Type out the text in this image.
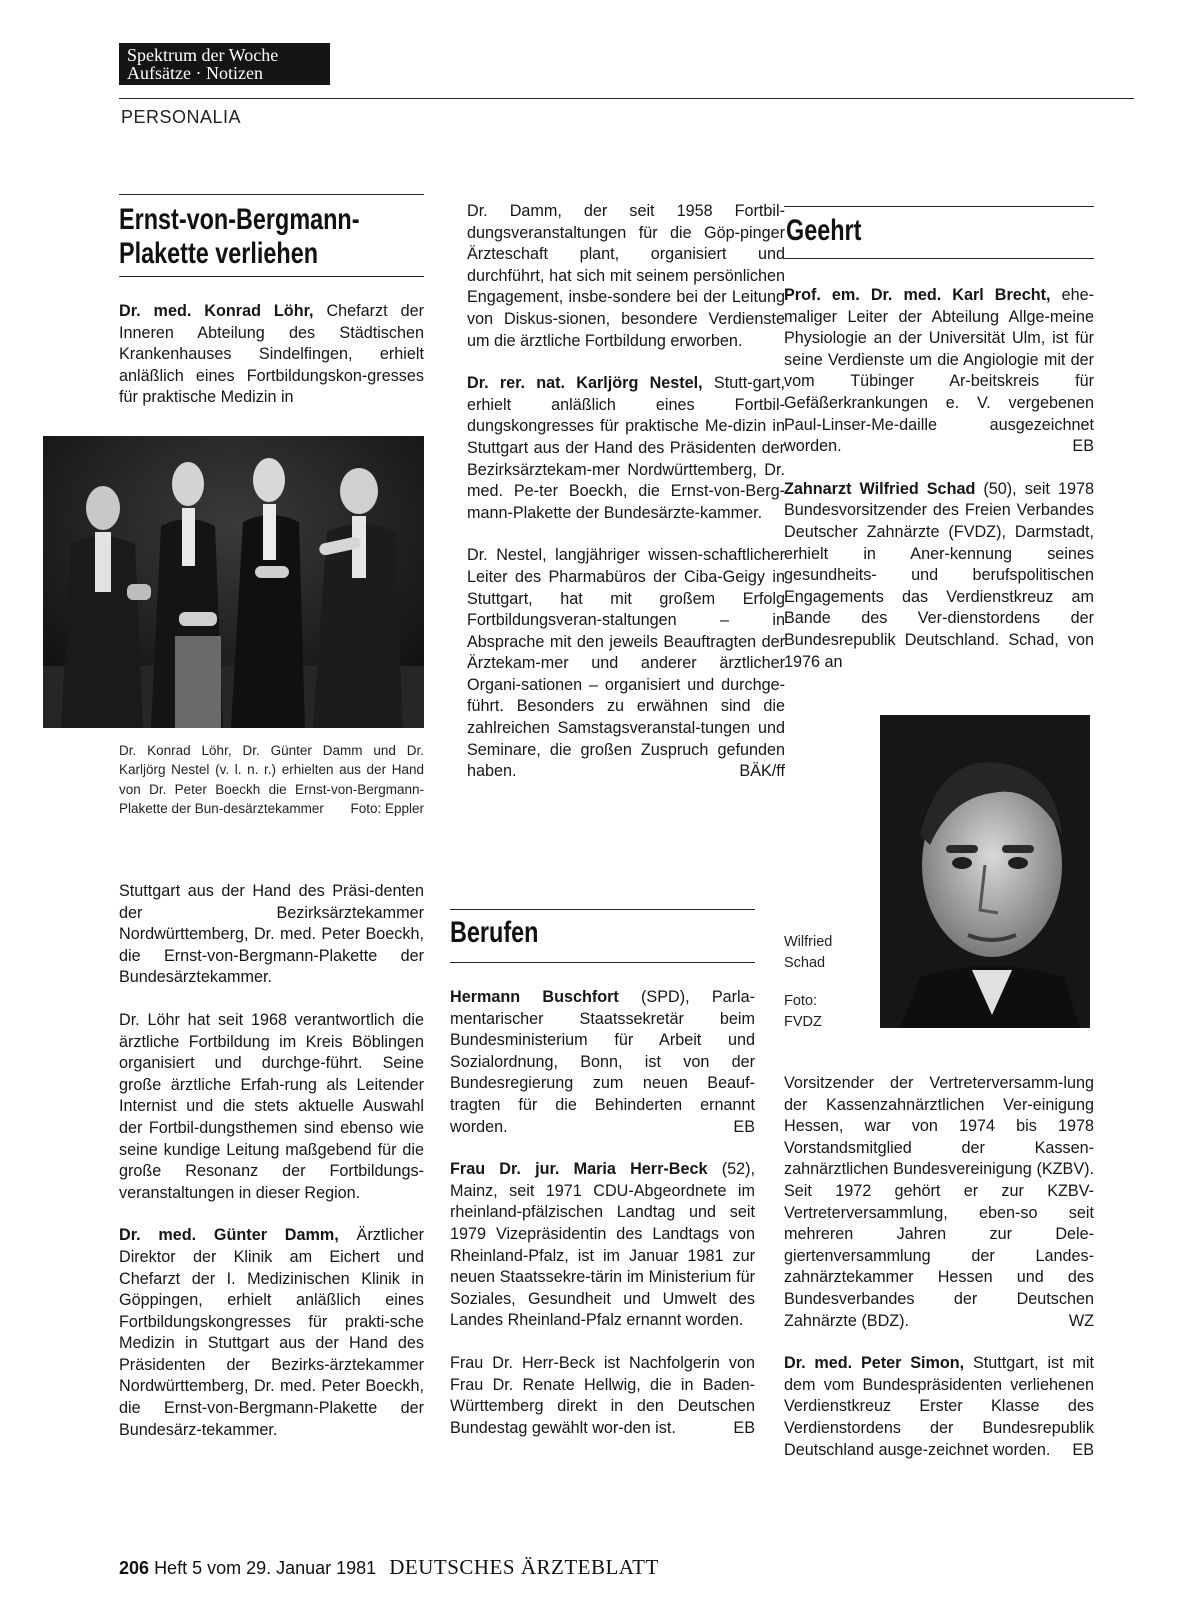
Spektrum der Woche
Aufsätze · Notizen
PERSONALIA
Ernst-von-Bergmann-
Plakette verliehen

Dr. med. Konrad Löhr, Chefarzt der Inneren Abteilung des Städtischen Krankenhauses Sindelfingen, erhielt anläßlich eines Fortbildungskon-gresses für praktische Medizin in

Dr. Konrad Löhr, Dr. Günter Damm und Dr. Karljörg Nestel (v. l. n. r.) erhielten aus der Hand von Dr. Peter Boeckh die Ernst-von-Bergmann-Plakette der Bun-desärztekammer Foto: Eppler

Stuttgart aus der Hand des Präsi-denten der Bezirksärztekammer Nordwürttemberg, Dr. med. Peter Boeckh, die Ernst-von-Bergmann-Plakette der Bundesärztekammer.

Dr. Löhr hat seit 1968 verantwortlich die ärztliche Fortbildung im Kreis Böblingen organisiert und durchge-führt. Seine große ärztliche Erfah-rung als Leitender Internist und die stets aktuelle Auswahl der Fortbil-dungsthemen sind ebenso wie seine kundige Leitung maßgebend für die große Resonanz der Fortbildungs-veranstaltungen in dieser Region.

Dr. med. Günter Damm, Ärztlicher Direktor der Klinik am Eichert und Chefarzt der I. Medizinischen Klinik in Göppingen, erhielt anläßlich eines Fortbildungskongresses für prakti-sche Medizin in Stuttgart aus der Hand des Präsidenten der Bezirks-ärztekammer Nordwürttemberg, Dr. med. Peter Boeckh, die Ernst-von-Bergmann-Plakette der Bundesärz-tekammer.

Dr. Damm, der seit 1958 Fortbil-dungsveranstaltungen für die Göp-pinger Ärzteschaft plant, organisiert und durchführt, hat sich mit seinem persönlichen Engagement, insbe-sondere bei der Leitung von Diskus-sionen, besondere Verdienste um die ärztliche Fortbildung erworben.

Dr. rer. nat. Karljörg Nestel, Stutt-gart, erhielt anläßlich eines Fortbil-dungskongresses für praktische Me-dizin in Stuttgart aus der Hand des Präsidenten der Bezirksärztekam-mer Nordwürttemberg, Dr. med. Pe-ter Boeckh, die Ernst-von-Berg-mann-Plakette der Bundesärzte-kammer.

Dr. Nestel, langjähriger wissen-schaftlicher Leiter des Pharmabüros der Ciba-Geigy in Stuttgart, hat mit großem Erfolg Fortbildungsveran-staltungen – in Absprache mit den jeweils Beauftragten der Ärztekam-mer und anderer ärztlicher Organi-sationen – organisiert und durchge-führt. Besonders zu erwähnen sind die zahlreichen Samstagsveranstal-tungen und Seminare, die großen Zuspruch gefunden haben.	BÄK/ff

Berufen

Hermann Buschfort (SPD), Parla-mentarischer Staatssekretär beim Bundesministerium für Arbeit und Sozialordnung, Bonn, ist von der Bundesregierung zum neuen Beauf-tragten für die Behinderten ernannt worden.	EB

Frau Dr. jur. Maria Herr-Beck (52), Mainz, seit 1971 CDU-Abgeordnete im rheinland-pfälzischen Landtag und seit 1979 Vizepräsidentin des Landtags von Rheinland-Pfalz, ist im Januar 1981 zur neuen Staatssekre-tärin im Ministerium für Soziales, Gesundheit und Umwelt des Landes Rheinland-Pfalz ernannt worden.

Frau Dr. Herr-Beck ist Nachfolgerin von Frau Dr. Renate Hellwig, die in Baden-Württemberg direkt in den Deutschen Bundestag gewählt wor-den ist.	EB

Geehrt

Prof. em. Dr. med. Karl Brecht, ehe-maliger Leiter der Abteilung Allge-meine Physiologie an der Universität Ulm, ist für seine Verdienste um die Angiologie mit der vom Tübinger Ar-beitskreis für Gefäßerkrankungen e. V. vergebenen Paul-Linser-Me-daille ausgezeichnet worden.	EB

Zahnarzt Wilfried Schad (50), seit 1978 Bundesvorsitzender des Freien Verbandes Deutscher Zahnärzte (FVDZ), Darmstadt, erhielt in Aner-kennung seines gesundheits- und berufspolitischen Engagements das Verdienstkreuz am Bande des Ver-dienstordens der Bundesrepublik Deutschland. Schad, von 1976 an

Wilfried
Schad
Foto:
FVDZ

Vorsitzender der Vertreterversamm-lung der Kassenzahnärztlichen Ver-einigung Hessen, war von 1974 bis 1978 Vorstandsmitglied der Kassen-zahnärztlichen Bundesvereinigung (KZBV). Seit 1972 gehört er zur KZBV-Vertreterversammlung, eben-so seit mehreren Jahren zur Dele-giertenversammlung der Landes-zahnärztekammer Hessen und des Bundesverbandes der Deutschen Zahnärzte (BDZ).	WZ

Dr. med. Peter Simon, Stuttgart, ist mit dem vom Bundespräsidenten verliehenen Verdienstkreuz Erster Klasse des Verdienstordens der Bundesrepublik Deutschland ausge-zeichnet worden. EB

206 Heft 5 vom 29. Januar 1981 DEUTSCHES ÄRZTEBLATT
